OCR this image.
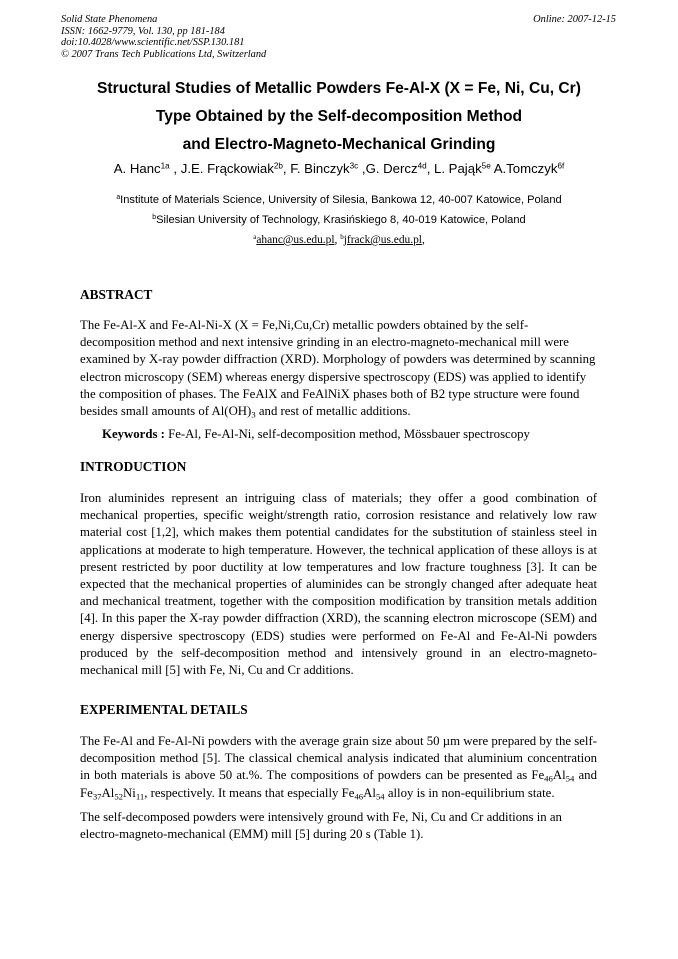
Solid State Phenomena
ISSN: 1662-9779, Vol. 130, pp 181-184
doi:10.4028/www.scientific.net/SSP.130.181
© 2007 Trans Tech Publications Ltd, Switzerland
Online: 2007-12-15
Structural Studies of Metallic Powders Fe-Al-X (X = Fe, Ni, Cu, Cr)
Type Obtained by the Self-decomposition Method
and Electro-Magneto-Mechanical Grinding
A. Hanc$^{1a}$ , J.E. Frąckowiak$^{2b}$, F. Binczyk$^{3c}$ ,G. Dercz$^{4d}$, L. Pająk$^{5e}$ A.Tomczyk$^{6f}$
$^a$Institute of Materials Science, University of Silesia, Bankowa 12, 40-007 Katowice, Poland
$^b$Silesian University of Technology, Krasińskiego 8, 40-019 Katowice, Poland
$^a$ahanc@us.edu.pl, $^b$jfrack@us.edu.pl,
ABSTRACT
The Fe-Al-X and Fe-Al-Ni-X (X = Fe,Ni,Cu,Cr) metallic powders obtained by the self-decomposition method and next intensive grinding in an electro-magneto-mechanical mill were examined by X-ray powder diffraction (XRD). Morphology of powders was determined by scanning electron microscopy (SEM) whereas energy dispersive spectroscopy (EDS) was applied to identify the composition of phases. The FeAlX and FeAlNiX phases both of B2 type structure were found besides small amounts of $Al(OH)_3$ and rest of metallic additions.
Keywords : Fe-Al, Fe-Al-Ni, self-decomposition method, Mössbauer spectroscopy
INTRODUCTION
Iron aluminides represent an intriguing class of materials; they offer a good combination of mechanical properties, specific weight/strength ratio, corrosion resistance and relatively low raw material cost [1,2], which makes them potential candidates for the substitution of stainless steel in applications at moderate to high temperature. However, the technical application of these alloys is at present restricted by poor ductility at low temperatures and low fracture toughness [3]. It can be expected that the mechanical properties of aluminides can be strongly changed after adequate heat and mechanical treatment, together with the composition modification by transition metals addition [4]. In this paper the X-ray powder diffraction (XRD), the scanning electron microscope (SEM) and energy dispersive spectroscopy (EDS) studies were performed on Fe-Al and Fe-Al-Ni powders produced by the self-decomposition method and intensively ground in an electro-magneto-mechanical mill [5] with Fe, Ni, Cu and Cr additions.
EXPERIMENTAL DETAILS
The Fe-Al and Fe-Al-Ni powders with the average grain size about 50 µm were prepared by the self-decomposition method [5]. The classical chemical analysis indicated that aluminium concentration in both materials is above 50 at.%. The compositions of powders can be presented as $Fe_{46}Al_{54}$ and $Fe_{37}Al_{52}Ni_{11}$, respectively. It means that especially $Fe_{46}Al_{54}$ alloy is in non-equilibrium state.
The self-decomposed powders were intensively ground with Fe, Ni, Cu and Cr additions in an electro-magneto-mechanical (EMM) mill [5] during 20 s (Table 1).
